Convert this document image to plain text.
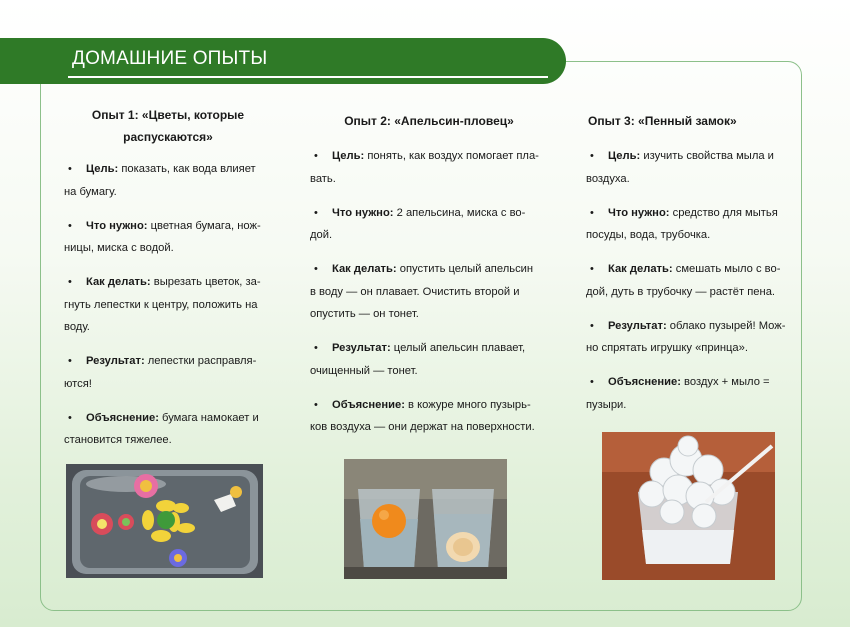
ДОМАШНИЕ ОПЫТЫ

Опыт 1: «Цветы, которые распускаются»

• Цель: показать, как вода влияет
на бумагу.
• Что нужно: цветная бумага, нож-
ницы, миска с водой.
• Как делать: вырезать цветок, за-
гнуть лепестки к центру, положить на
воду.
• Результат: лепестки расправля-
ются!
• Объяснение: бумага намокает и
становится тяжелее.

Опыт 2: «Апельсин-пловец»

• Цель: понять, как воздух помогает пла-
вать.
• Что нужно: 2 апельсина, миска с во-
дой.
• Как делать: опустить целый апельсин
в воду — он плавает. Очистить второй и
опустить — он тонет.
• Результат: целый апельсин плавает,
очищенный — тонет.
• Объяснение: в кожуре много пузырь-
ков воздуха — они держат на поверхности.

Опыт 3: «Пенный замок»

• Цель: изучить свойства мыла и
воздуха.
• Что нужно: средство для мытья
посуды, вода, трубочка.
• Как делать: смешать мыло с во-
дой, дуть в трубочку — растёт пена.
• Результат: облако пузырей! Мож-
но спрятать игрушку «принца».
• Объяснение: воздух + мыло =
пузыри.
